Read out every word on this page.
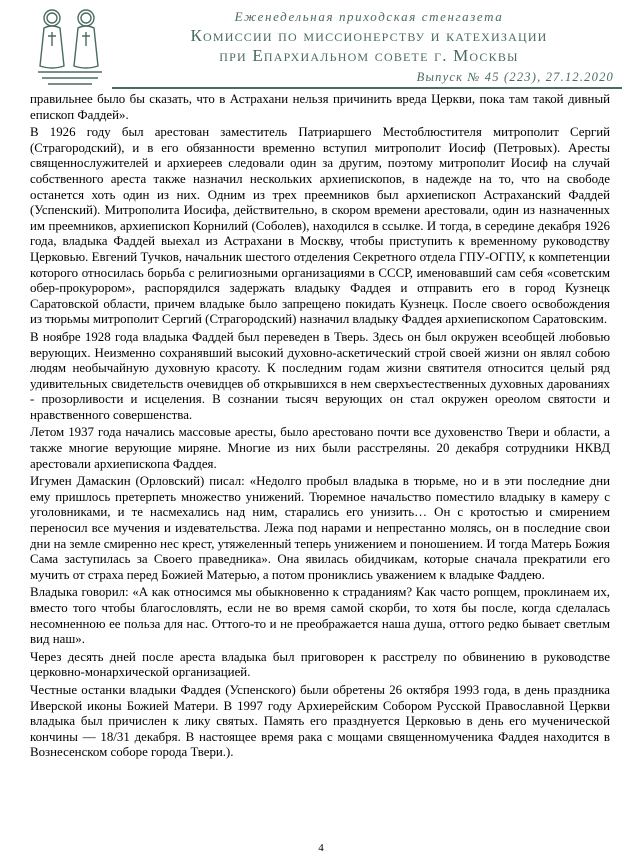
Еженедельная приходская стенгазета
Комиссии по миссионерству и катехизации
при Епархиальном совете г. Москвы
Выпуск № 45 (223), 27.12.2020

правильнее было бы сказать, что в Астрахани нельзя причинить вреда Церкви, пока там такой дивный епископ Фаддей».

В 1926 году был арестован заместитель Патриаршего Местоблюстителя митрополит Сергий (Страгородский), и в его обязанности временно вступил митрополит Иосиф (Петровых). Аресты священнослужителей и архиереев следовали один за другим, поэтому митрополит Иосиф на случай собственного ареста также назначил нескольких архиепископов, в надежде на то, что на свободе останется хоть один из них. Одним из трех преемников был архиепископ Астраханский Фаддей (Успенский). Митрополита Иосифа, действительно, в скором времени арестовали, один из назначенных им преемников, архиепископ Корнилий (Соболев), находился в ссылке. И тогда, в середине декабря 1926 года, владыка Фаддей выехал из Астрахани в Москву, чтобы приступить к временному руководству Церковью. Евгений Тучков, начальник шестого отделения Секретного отдела ГПУ-ОГПУ, к компетенции которого относилась борьба с религиозными организациями в СССР, именовавший сам себя «советским обер-прокурором», распорядился задержать владыку Фаддея и отправить его в город Кузнецк Саратовской области, причем владыке было запрещено покидать Кузнецк. После своего освобождения из тюрьмы митрополит Сергий (Страгородский) назначил владыку Фаддея архиепископом Саратовским.

В ноябре 1928 года владыка Фаддей был переведен в Тверь. Здесь он был окружен всеобщей любовью верующих. Неизменно сохранявший высокий духовно-аскетический строй своей жизни он являл собою людям необычайную духовную красоту. К последним годам жизни святителя относится целый ряд удивительных свидетельств очевидцев об открывшихся в нем сверхъестественных духовных дарованиях - прозорливости и исцеления. В сознании тысяч верующих он стал окружен ореолом святости и нравственного совершенства.

Летом 1937 года начались массовые аресты, было арестовано почти все духовенство Твери и области, а также многие верующие миряне. Многие из них были расстреляны. 20 декабря сотрудники НКВД арестовали архиепископа Фаддея.

Игумен Дамаскин (Орловский) писал: «Недолго пробыл владыка в тюрьме, но и в эти последние дни ему пришлось претерпеть множество унижений. Тюремное начальство поместило владыку в камеру с уголовниками, и те насмехались над ним, старались его унизить… Он с кротостью и смирением переносил все мучения и издевательства. Лежа под нарами и непрестанно молясь, он в последние свои дни на земле смиренно нес крест, утяжеленный теперь унижением и поношением. И тогда Матерь Божия Сама заступилась за Своего праведника». Она явилась обидчикам, которые сначала прекратили его мучить от страха перед Божией Матерью, а потом прониклись уважением к владыке Фаддею.

Владыка говорил: «А как относимся мы обыкновенно к страданиям? Как часто ропщем, проклинаем их, вместо того чтобы благословлять, если не во время самой скорби, то хотя бы после, когда сделалась несомненною ее польза для нас. Оттого-то и не преображается наша душа, оттого редко бывает светлым вид наш».

Через десять дней после ареста владыка был приговорен к расстрелу по обвинению в руководстве церковно-монархической организацией.

Честные останки владыки Фаддея (Успенского) были обретены 26 октября 1993 года, в день праздника Иверской иконы Божией Матери. В 1997 году Архиерейским Собором Русской Православной Церкви владыка был причислен к лику святых. Память его празднуется Церковью в день его мученической кончины — 18/31 декабря. В настоящее время рака с мощами священномученика Фаддея находится в Вознесенском соборе города Твери.).

4
